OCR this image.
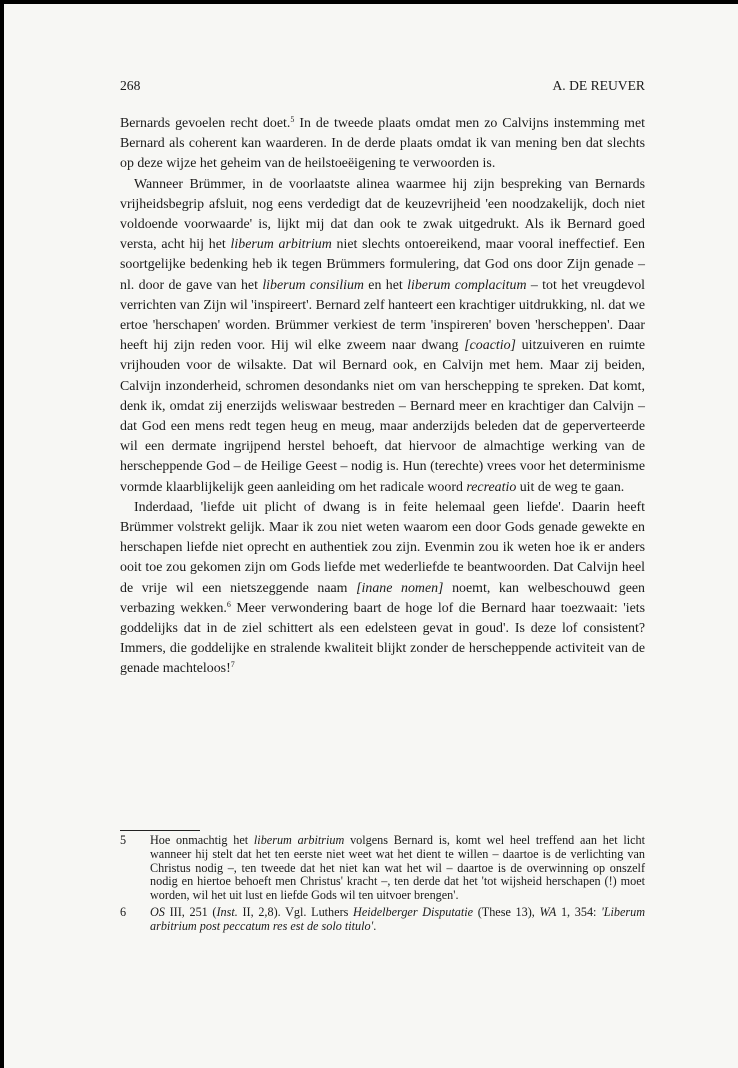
268	A. DE REUVER

Bernards gevoelen recht doet.$^5$ In de tweede plaats omdat men zo Calvijns instemming met Bernard als coherent kan waarderen. In de derde plaats omdat ik van mening ben dat slechts op deze wijze het geheim van de heilstoeëigening te verwoorden is.

Wanneer Brümmer, in de voorlaatste alinea waarmee hij zijn bespreking van Bernards vrijheidsbegrip afsluit, nog eens verdedigt dat de keuzevrijheid 'een noodzakelijk, doch niet voldoende voorwaarde' is, lijkt mij dat dan ook te zwak uitgedrukt. Als ik Bernard goed versta, acht hij het liberum arbitrium niet slechts ontoereikend, maar vooral ineffectief. Een soortgelijke bedenking heb ik tegen Brümmers formulering, dat God ons door Zijn genade – nl. door de gave van het liberum consilium en het liberum complacitum – tot het vreugdevol verrichten van Zijn wil 'inspireert'. Bernard zelf hanteert een krachtiger uitdrukking, nl. dat we ertoe 'herschapen' worden. Brümmer verkiest de term 'inspireren' boven 'herscheppen'. Daar heeft hij zijn reden voor. Hij wil elke zweem naar dwang [coactio] uitzuiveren en ruimte vrijhouden voor de wilsakte. Dat wil Bernard ook, en Calvijn met hem. Maar zij beiden, Calvijn inzonderheid, schromen desondanks niet om van herschepping te spreken. Dat komt, denk ik, omdat zij enerzijds weliswaar bestreden – Bernard meer en krachtiger dan Calvijn – dat God een mens redt tegen heug en meug, maar anderzijds beleden dat de geperverteerde wil een dermate ingrijpend herstel behoeft, dat hiervoor de almachtige werking van de herscheppende God – de Heilige Geest – nodig is. Hun (terechte) vrees voor het determinisme vormde klaarblijkelijk geen aanleiding om het radicale woord recreatio uit de weg te gaan.

Inderdaad, 'liefde uit plicht of dwang is in feite helemaal geen liefde'. Daarin heeft Brümmer volstrekt gelijk. Maar ik zou niet weten waarom een door Gods genade gewekte en herschapen liefde niet oprecht en authentiek zou zijn. Evenmin zou ik weten hoe ik er anders ooit toe zou gekomen zijn om Gods liefde met wederliefde te beantwoorden. Dat Calvijn heel de vrije wil een nietszeggende naam [inane nomen] noemt, kan welbeschouwd geen verbazing wekken.$^6$ Meer verwondering baart de hoge lof die Bernard haar toezwaait: 'iets goddelijks dat in de ziel schittert als een edelsteen gevat in goud'. Is deze lof consistent? Immers, die goddelijke en stralende kwaliteit blijkt zonder de herscheppende activiteit van de genade machteloos!$^7$

5	Hoe onmachtig het liberum arbitrium volgens Bernard is, komt wel heel treffend aan het licht wanneer hij stelt dat het ten eerste niet weet wat het dient te willen – daartoe is de verlichting van Christus nodig –, ten tweede dat het niet kan wat het wil – daartoe is de overwinning op onszelf nodig en hiertoe behoeft men Christus' kracht –, ten derde dat het 'tot wijsheid herschapen (!) moet worden, wil het uit lust en liefde Gods wil ten uitvoer brengen'.
6	OS III, 251 (Inst. II, 2,8). Vgl. Luthers Heidelberger Disputatie (These 13), WA 1, 354: 'Liberum arbitrium post peccatum res est de solo titulo'.
